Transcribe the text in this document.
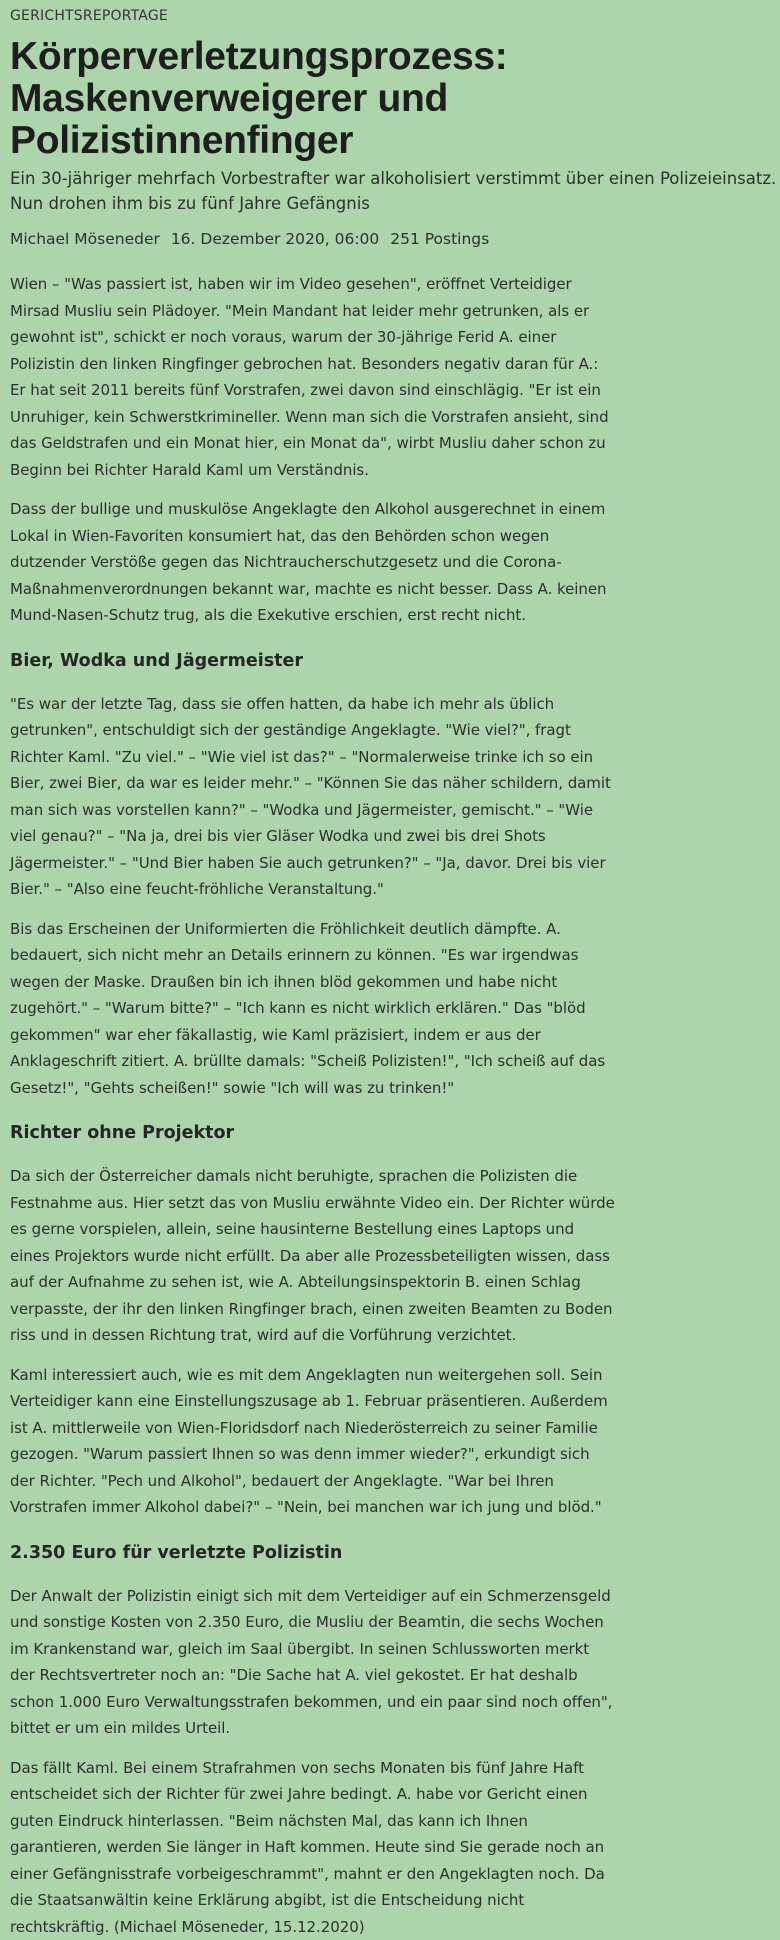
GERICHTSREPORTAGE
Körperverletzungsprozess:
Maskenverweigerer und Polizistinnenfinger
Ein 30-jähriger mehrfach Vorbestrafter war alkoholisiert verstimmt über einen Polizeieinsatz. Nun drohen ihm bis zu fünf Jahre Gefängnis
Michael Möseneder 16. Dezember 2020, 06:00 251 Postings

Wien – "Was passiert ist, haben wir im Video gesehen", eröffnet Verteidiger Mirsad Musliu sein Plädoyer. "Mein Mandant hat leider mehr getrunken, als er gewohnt ist", schickt er noch voraus, warum der 30-jährige Ferid A. einer Polizistin den linken Ringfinger gebrochen hat. Besonders negativ daran für A.: Er hat seit 2011 bereits fünf Vorstrafen, zwei davon sind einschlägig. "Er ist ein Unruhiger, kein Schwerstkrimineller. Wenn man sich die Vorstrafen ansieht, sind das Geldstrafen und ein Monat hier, ein Monat da", wirbt Musliu daher schon zu Beginn bei Richter Harald Kaml um Verständnis.

Dass der bullige und muskulöse Angeklagte den Alkohol ausgerechnet in einem Lokal in Wien-Favoriten konsumiert hat, das den Behörden schon wegen dutzender Verstöße gegen das Nichtraucherschutzgesetz und die Corona-Maßnahmenverordnungen bekannt war, machte es nicht besser. Dass A. keinen Mund-Nasen-Schutz trug, als die Exekutive erschien, erst recht nicht.

Bier, Wodka und Jägermeister

"Es war der letzte Tag, dass sie offen hatten, da habe ich mehr als üblich getrunken", entschuldigt sich der geständige Angeklagte. "Wie viel?", fragt Richter Kaml. "Zu viel." – "Wie viel ist das?" – "Normalerweise trinke ich so ein Bier, zwei Bier, da war es leider mehr." – "Können Sie das näher schildern, damit man sich was vorstellen kann?" – "Wodka und Jägermeister, gemischt." – "Wie viel genau?" – "Na ja, drei bis vier Gläser Wodka und zwei bis drei Shots Jägermeister." – "Und Bier haben Sie auch getrunken?" – "Ja, davor. Drei bis vier Bier." – "Also eine feucht-fröhliche Veranstaltung."

Bis das Erscheinen der Uniformierten die Fröhlichkeit deutlich dämpfte. A. bedauert, sich nicht mehr an Details erinnern zu können. "Es war irgendwas wegen der Maske. Draußen bin ich ihnen blöd gekommen und habe nicht zugehört." – "Warum bitte?" – "Ich kann es nicht wirklich erklären." Das "blöd gekommen" war eher fäkallastig, wie Kaml präzisiert, indem er aus der Anklageschrift zitiert. A. brüllte damals: "Scheiß Polizisten!", "Ich scheiß auf das Gesetz!", "Gehts scheißen!" sowie "Ich will was zu trinken!"

Richter ohne Projektor

Da sich der Österreicher damals nicht beruhigte, sprachen die Polizisten die Festnahme aus. Hier setzt das von Musliu erwähnte Video ein. Der Richter würde es gerne vorspielen, allein, seine hausinterne Bestellung eines Laptops und eines Projektors wurde nicht erfüllt. Da aber alle Prozessbeteiligten wissen, dass auf der Aufnahme zu sehen ist, wie A. Abteilungsinspektorin B. einen Schlag verpasste, der ihr den linken Ringfinger brach, einen zweiten Beamten zu Boden riss und in dessen Richtung trat, wird auf die Vorführung verzichtet.

Kaml interessiert auch, wie es mit dem Angeklagten nun weitergehen soll. Sein Verteidiger kann eine Einstellungszusage ab 1. Februar präsentieren. Außerdem ist A. mittlerweile von Wien-Floridsdorf nach Niederösterreich zu seiner Familie gezogen. "Warum passiert Ihnen so was denn immer wieder?", erkundigt sich der Richter. "Pech und Alkohol", bedauert der Angeklagte. "War bei Ihren Vorstrafen immer Alkohol dabei?" – "Nein, bei manchen war ich jung und blöd."

2.350 Euro für verletzte Polizistin

Der Anwalt der Polizistin einigt sich mit dem Verteidiger auf ein Schmerzensgeld und sonstige Kosten von 2.350 Euro, die Musliu der Beamtin, die sechs Wochen im Krankenstand war, gleich im Saal übergibt. In seinen Schlussworten merkt der Rechtsvertreter noch an: "Die Sache hat A. viel gekostet. Er hat deshalb schon 1.000 Euro Verwaltungsstrafen bekommen, und ein paar sind noch offen", bittet er um ein mildes Urteil.

Das fällt Kaml. Bei einem Strafrahmen von sechs Monaten bis fünf Jahre Haft entscheidet sich der Richter für zwei Jahre bedingt. A. habe vor Gericht einen guten Eindruck hinterlassen. "Beim nächsten Mal, das kann ich Ihnen garantieren, werden Sie länger in Haft kommen. Heute sind Sie gerade noch an einer Gefängnisstrafe vorbeigeschrammt", mahnt er den Angeklagten noch. Da die Staatsanwältin keine Erklärung abgibt, ist die Entscheidung nicht rechtskräftig. (Michael Möseneder, 15.12.2020)
